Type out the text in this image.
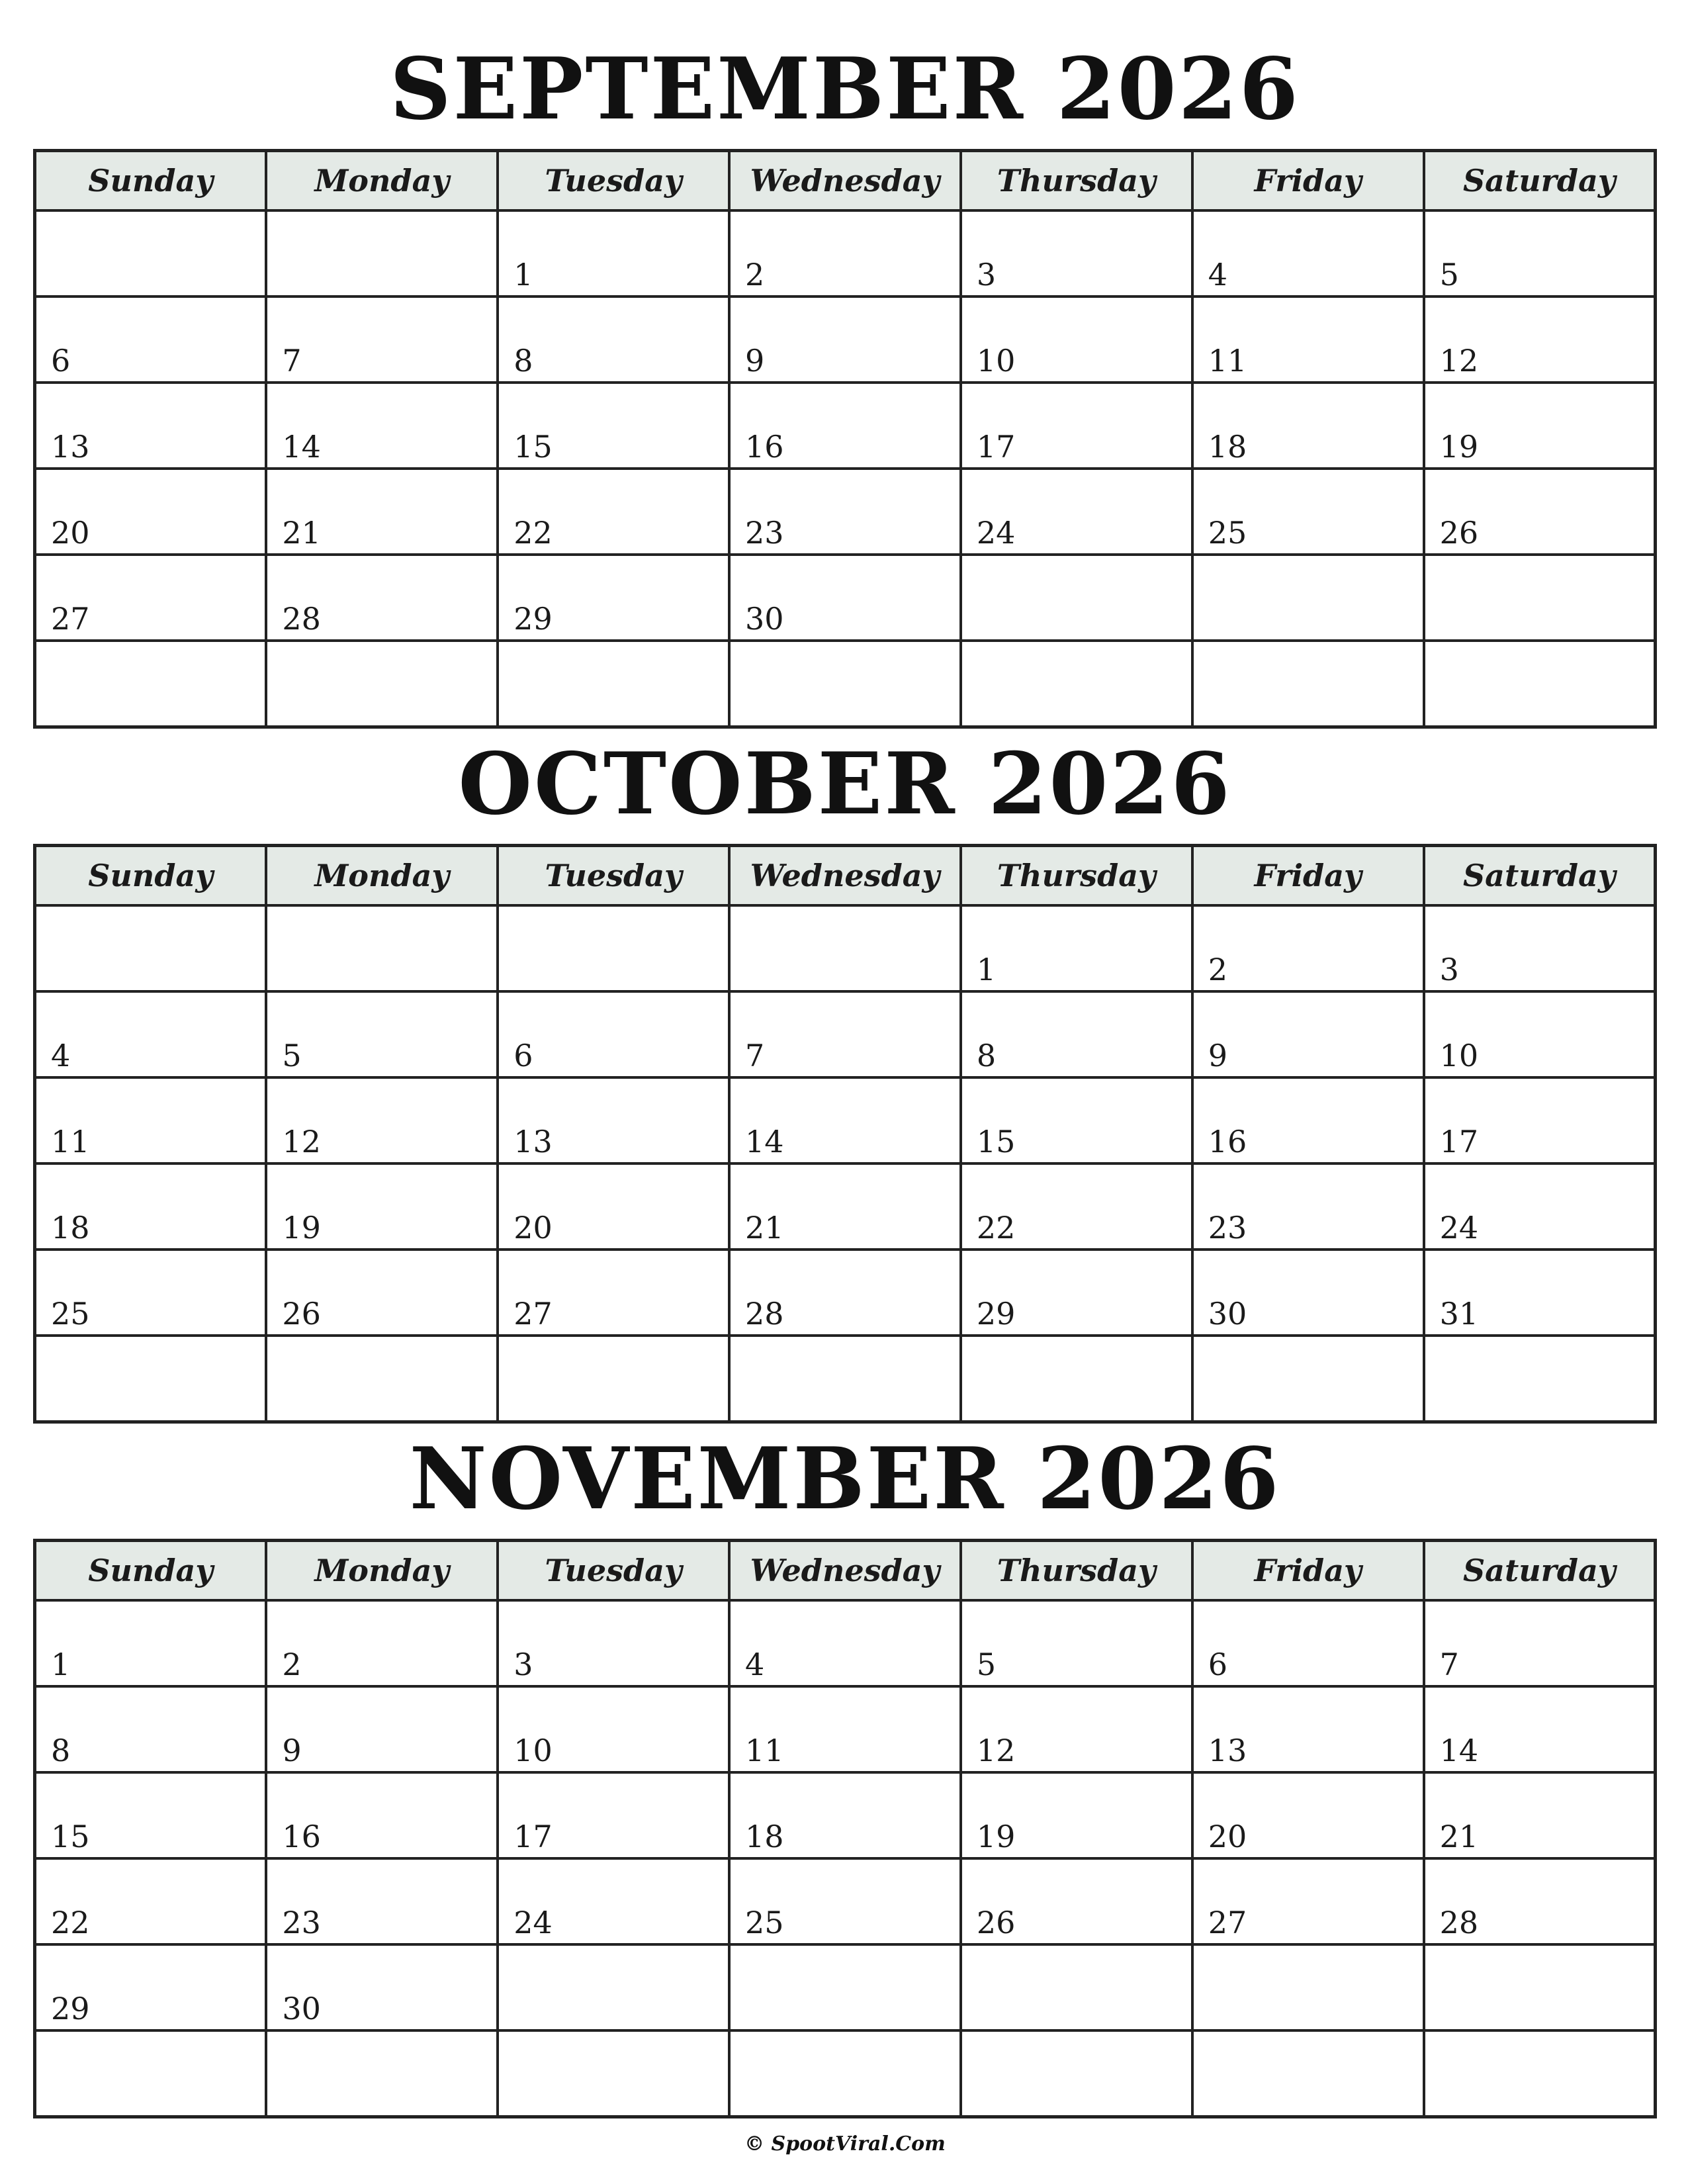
SEPTEMBER 2026
Sunday	Monday	Tuesday	Wednesday	Thursday	Friday	Saturday

		1	2	3	4	5

6	7	8	9	10	11	12

13	14	15	16	17	18	19

20	21	22	23	24	25	26

27	28	29	30			

OCTOBER 2026
Sunday	Monday	Tuesday	Wednesday	Thursday	Friday	Saturday

				1	2	3

4	5	6	7	8	9	10

11	12	13	14	15	16	17

18	19	20	21	22	23	24

25	26	27	28	29	30	31

NOVEMBER 2026
Sunday	Monday	Tuesday	Wednesday	Thursday	Friday	Saturday

1	2	3	4	5	6	7

8	9	10	11	12	13	14

15	16	17	18	19	20	21

22	23	24	25	26	27	28

29	30					

© SpootViral.Com
